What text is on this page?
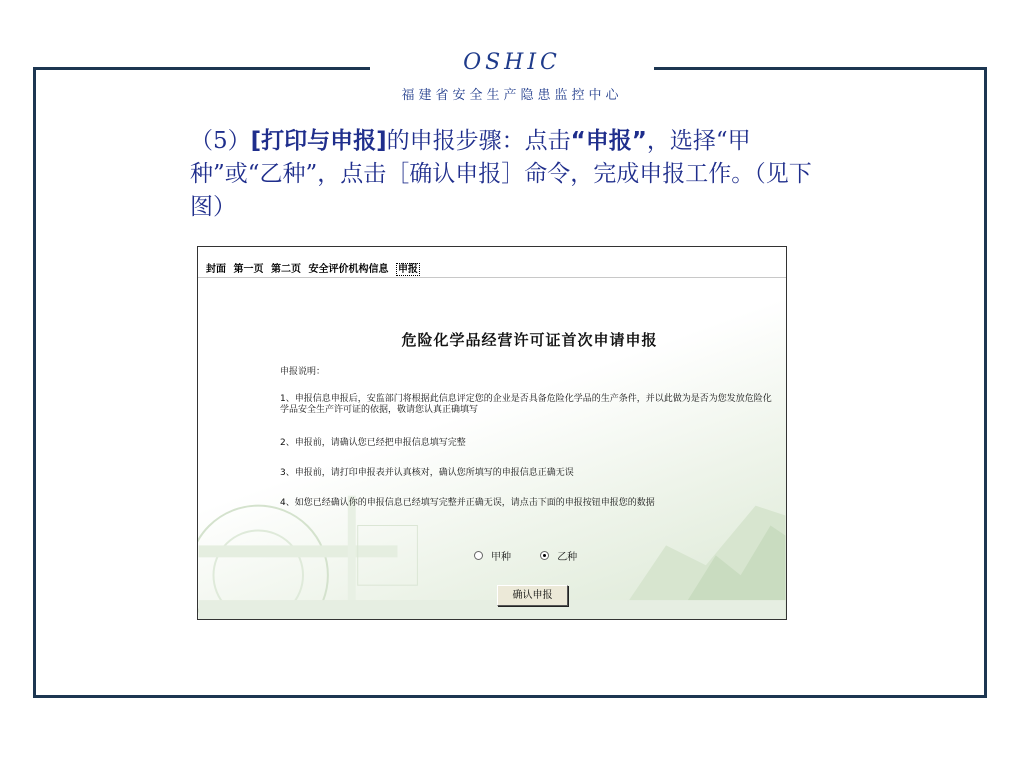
OSHIC
福建省安全生产隐患监控中心
（5）[打印与申报]的申报步骤：点击“申报”，选择“甲种”或“乙种”，点击［确认申报］命令，完成申报工作。（见下图）
封面 第一页 第二页 安全评价机构信息 申报
危险化学品经营许可证首次申请申报
申报说明：
1、申报信息申报后，安监部门将根据此信息评定您的企业是否具备危险化学品的生产条件，并以此做为是否为您发放危险化学品安全生产许可证的依据，敬请您认真正确填写
2、申报前，请确认您已经把申报信息填写完整
3、申报前，请打印申报表并认真核对，确认您所填写的申报信息正确无误
4、如您已经确认你的申报信息已经填写完整并正确无误，请点击下面的申报按钮申报您的数据
甲种
	乙种
确认申报
